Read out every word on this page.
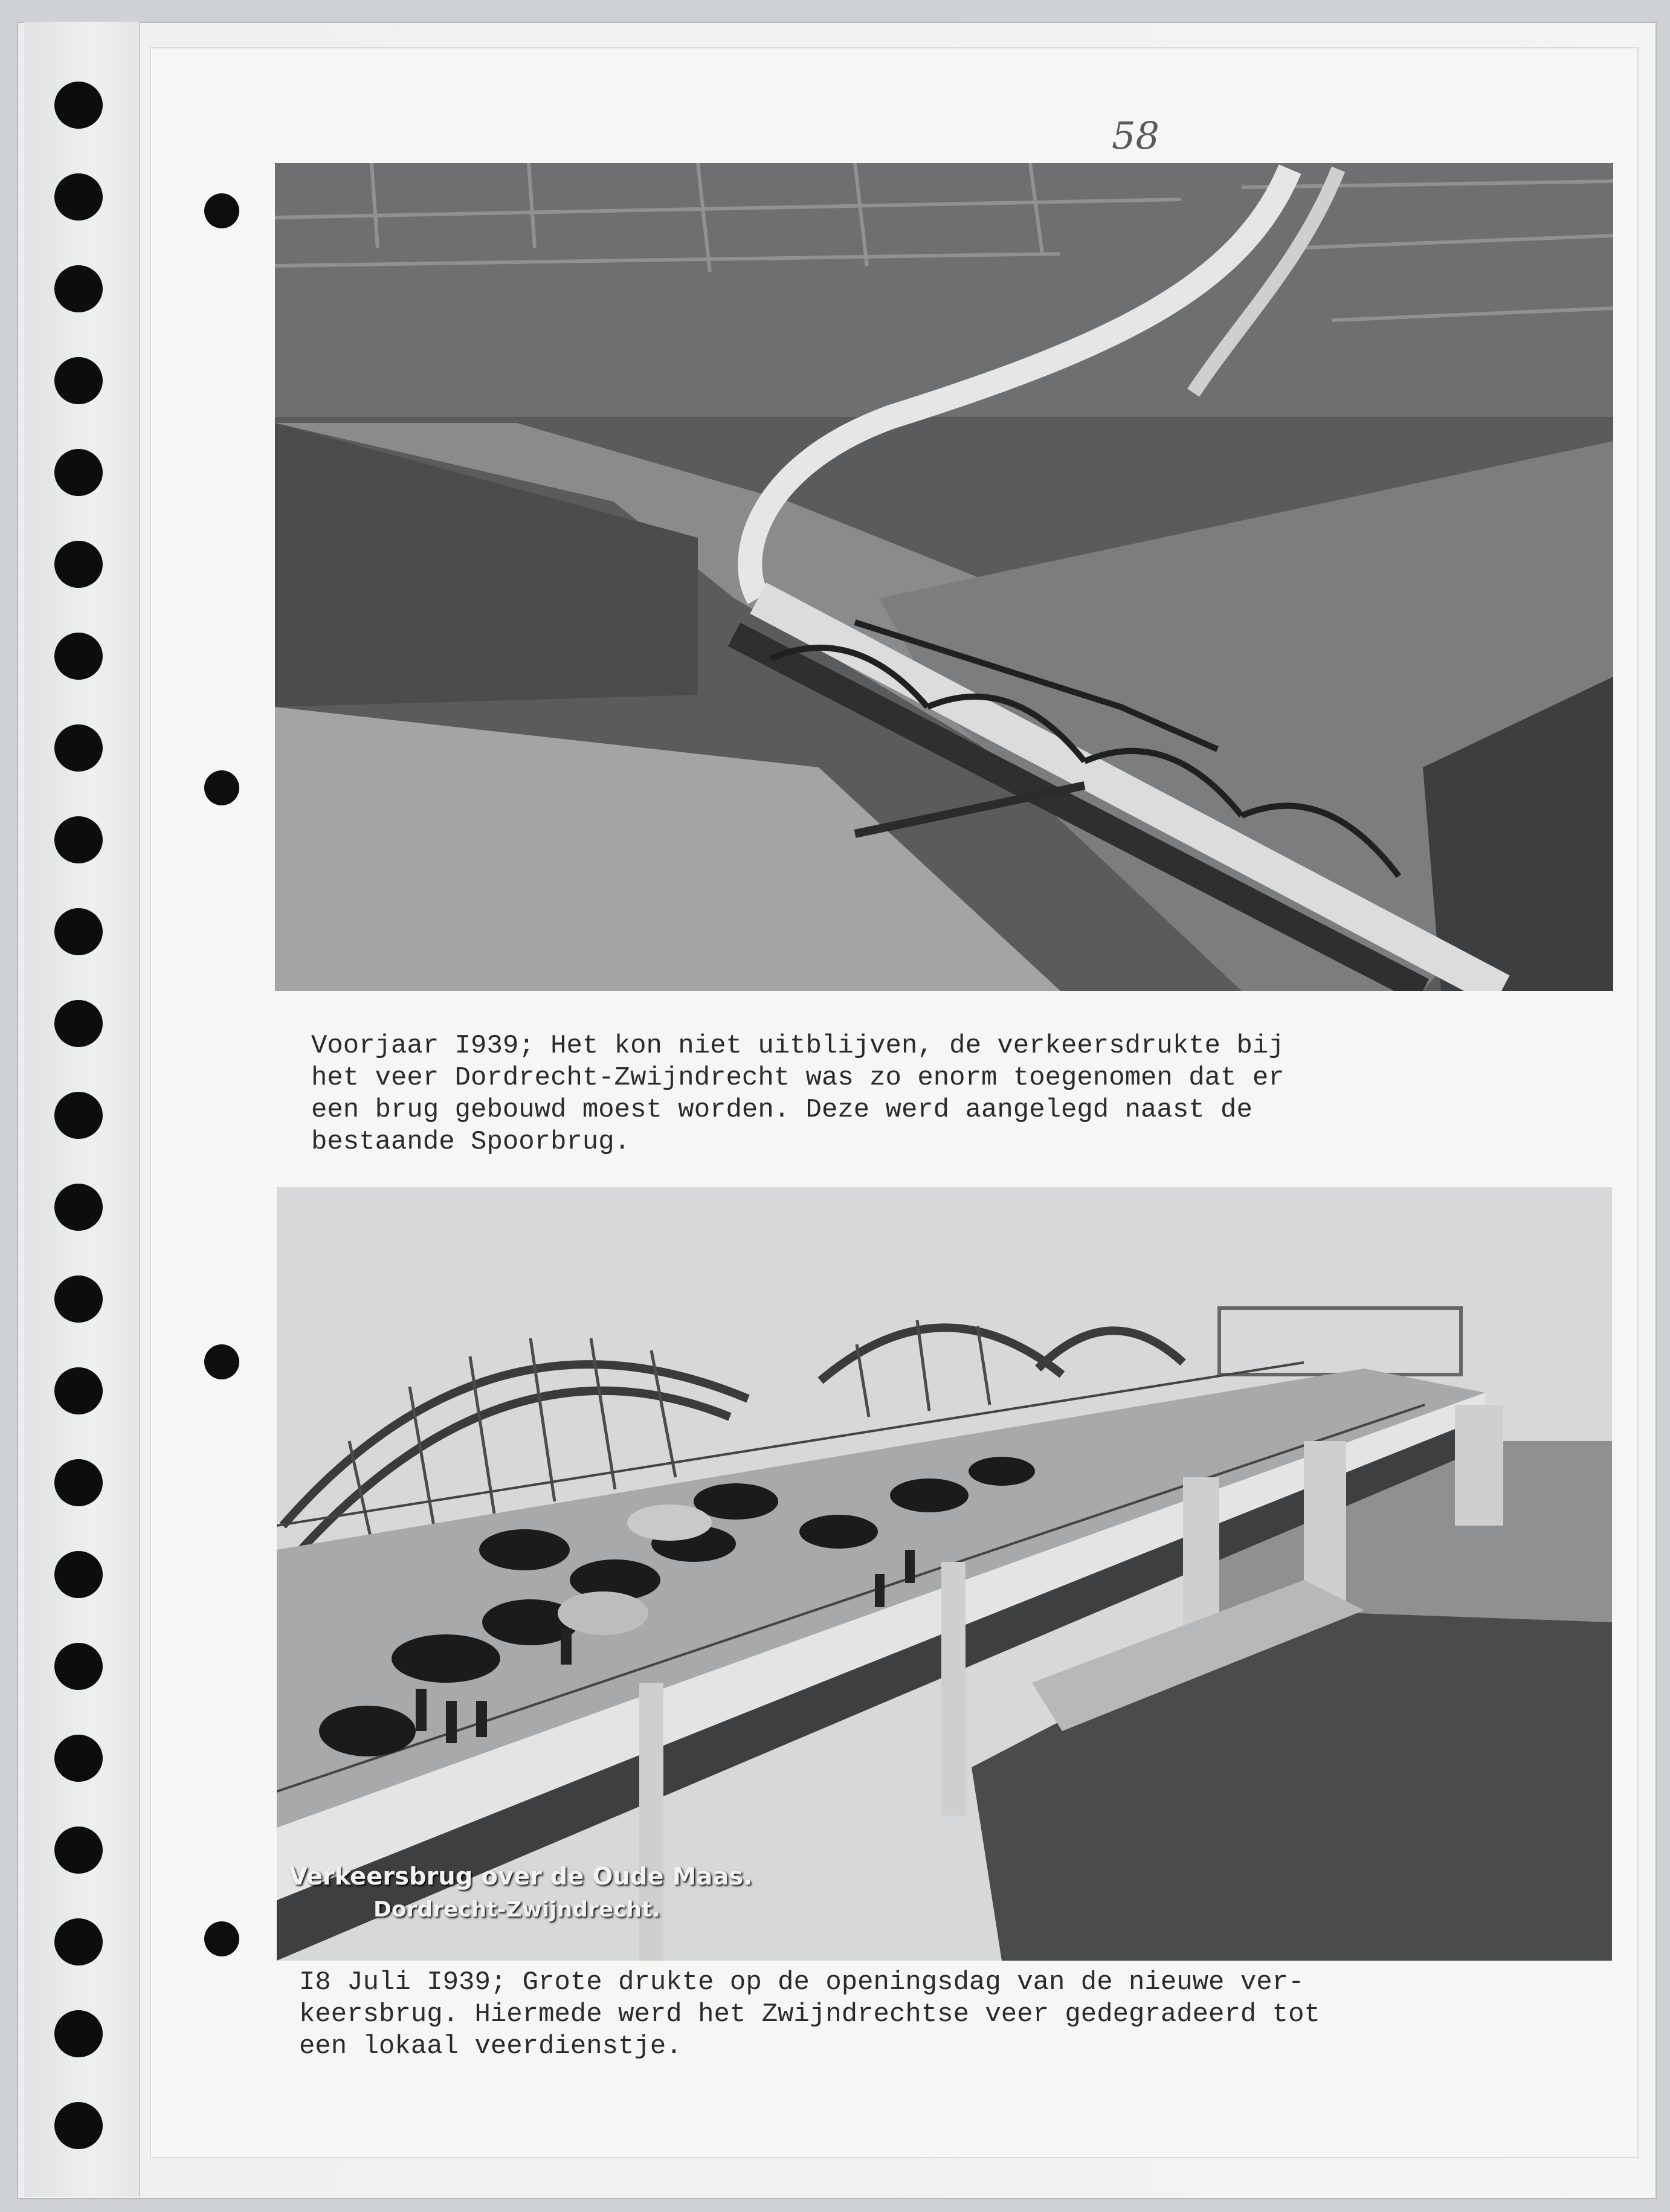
58

Voorjaar I939; Het kon niet uitblijven, de verkeersdrukte bij
het veer Dordrecht-Zwijndrecht was zo enorm toegenomen dat er
een brug gebouwd moest worden. Deze werd aangelegd naast de
bestaande Spoorbrug.

Verkeersbrug over de Oude Maas.

Dordrecht-Zwijndrecht.

I8 Juli I939; Grote drukte op de openingsdag van de nieuwe ver-
keersbrug. Hiermede werd het Zwijndrechtse veer gedegradeerd tot
een lokaal veerdienstje.
